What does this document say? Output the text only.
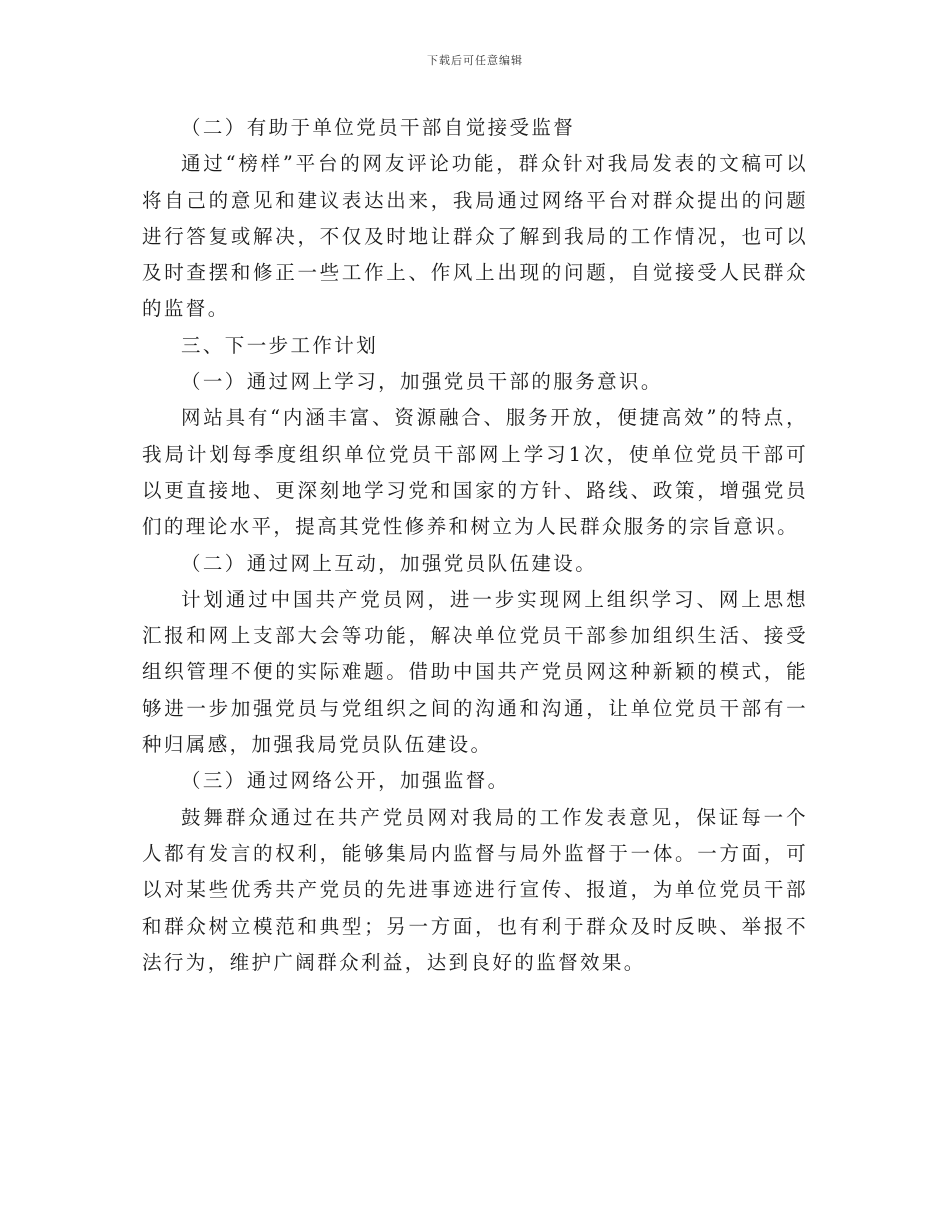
下载后可任意编辑

（二）有助于单位党员干部自觉接受监督

通过“榜样”平台的网友评论功能，群众针对我局发表的文稿可以将自己的意见和建议表达出来，我局通过网络平台对群众提出的问题进行答复或解决，不仅及时地让群众了解到我局的工作情况，也可以及时查摆和修正一些工作上、作风上出现的问题，自觉接受人民群众的监督。

三、下一步工作计划

（一）通过网上学习，加强党员干部的服务意识。

网站具有“内涵丰富、资源融合、服务开放，便捷高效”的特点，我局计划每季度组织单位党员干部网上学习1次，使单位党员干部可以更直接地、更深刻地学习党和国家的方针、路线、政策，增强党员们的理论水平，提高其党性修养和树立为人民群众服务的宗旨意识。

（二）通过网上互动，加强党员队伍建设。

计划通过中国共产党员网，进一步实现网上组织学习、网上思想汇报和网上支部大会等功能，解决单位党员干部参加组织生活、接受组织管理不便的实际难题。借助中国共产党员网这种新颖的模式，能够进一步加强党员与党组织之间的沟通和沟通，让单位党员干部有一种归属感，加强我局党员队伍建设。

（三）通过网络公开，加强监督。

鼓舞群众通过在共产党员网对我局的工作发表意见，保证每一个人都有发言的权利，能够集局内监督与局外监督于一体。一方面，可以对某些优秀共产党员的先进事迹进行宣传、报道，为单位党员干部和群众树立模范和典型；另一方面，也有利于群众及时反映、举报不法行为，维护广阔群众利益，达到良好的监督效果。
